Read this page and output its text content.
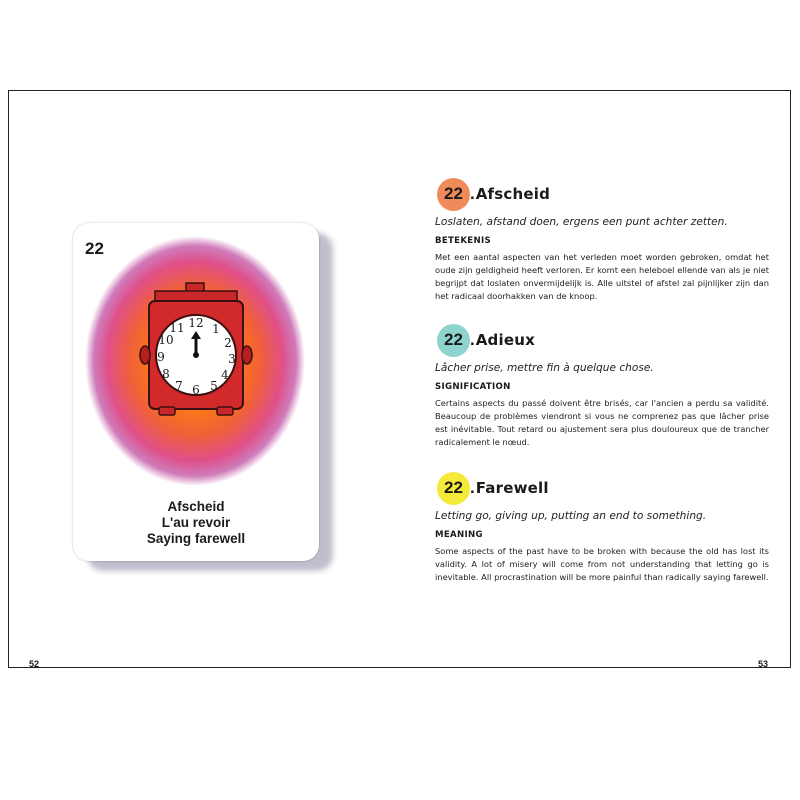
22
12 1
2
3
4
5
6
7
8
9
10
11
Afscheid
L'au revoir
Saying farewell
22 . Afscheid
Loslaten, afstand doen, ergens een punt achter zetten.
BETEKENIS
Met een aantal aspecten van het verleden moet worden gebroken, omdat het oude zijn geldigheid heeft verloren. Er komt een heleboel ellende van als je niet begrijpt dat loslaten onvermijdelijk is. Alle uitstel of afstel zal pijnlijker zijn dan het radicaal doorhakken van de knoop.
22 . Adieux
Lâcher prise, mettre fin à quelque chose.
SIGNIFICATION
Certains aspects du passé doivent être brisés, car l'ancien a perdu sa validité. Beaucoup de problèmes viendront si vous ne comprenez pas que lâcher prise est inévitable. Tout retard ou ajustement sera plus douloureux que de trancher radicalement le nœud.
22 . Farewell
Letting go, giving up, putting an end to something.
MEANING
Some aspects of the past have to be broken with because the old has lost its validity. A lot of misery will come from not understanding that letting go is inevitable. All procrastination will be more painful than radically saying farewell.
52	53
